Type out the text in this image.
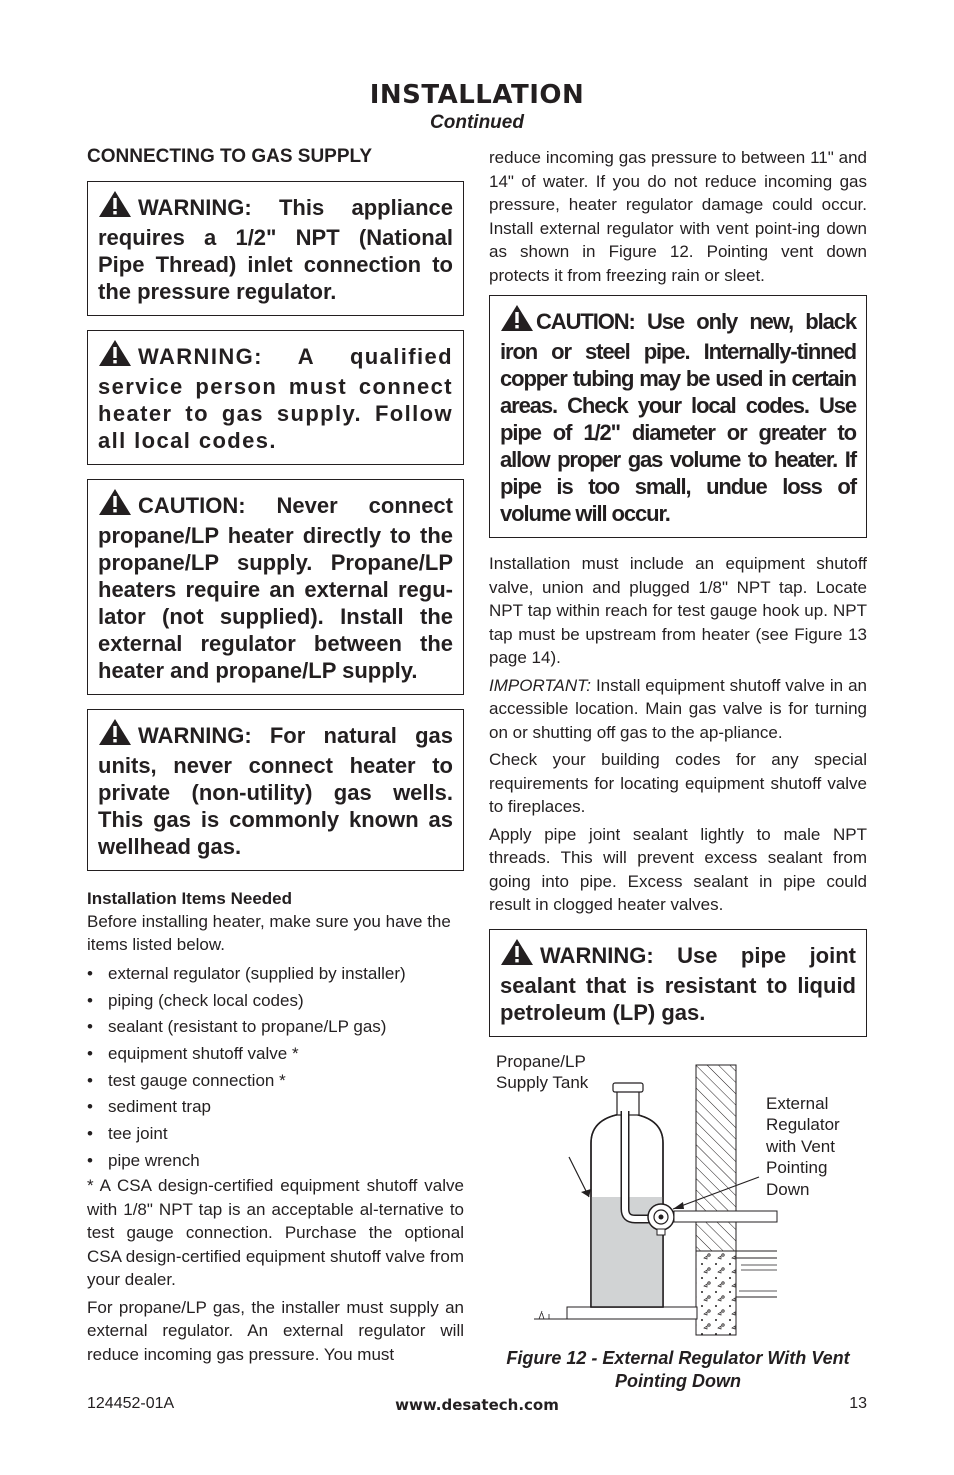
INSTALLATION
Continued
CONNECTING TO GAS SUPPLY
WARNING: This appliance requires a 1/2" NPT (National Pipe Thread) inlet connection to the pressure regulator.
WARNING: A qualified service person must connect heater to gas supply. Follow all local codes.
CAUTION: Never connect propane/LP heater directly to the propane/LP supply. Propane/LP heaters require an external regu-lator (not supplied). Install the external regulator between the heater and propane/LP supply.
WARNING: For natural gas units, never connect heater to private (non-utility) gas wells. This gas is commonly known as wellhead gas.
Installation Items Needed
Before installing heater, make sure you have the items listed below.
• external regulator (supplied by installer)
• piping (check local codes)
• sealant (resistant to propane/LP gas)
• equipment shutoff valve *
• test gauge connection *
• sediment trap
• tee joint
• pipe wrench
* A CSA design-certified equipment shutoff valve with 1/8" NPT tap is an acceptable al-ternative to test gauge connection. Purchase the optional CSA design-certified equipment shutoff valve from your dealer.
For propane/LP gas, the installer must supply an external regulator. An external regulator will reduce incoming gas pressure. You must
reduce incoming gas pressure to between 11" and 14" of water. If you do not reduce incoming gas pressure, heater regulator damage could occur. Install external regulator with vent point-ing down as shown in Figure 12. Pointing vent down protects it from freezing rain or sleet.
CAUTION: Use only new, black iron or steel pipe. Internally-tinned copper tubing may be used in certain areas. Check your local codes. Use pipe of 1/2" diameter or greater to allow proper gas volume to heater. If pipe is too small, undue loss of volume will occur.
Installation must include an equipment shutoff valve, union and plugged 1/8" NPT tap. Locate NPT tap within reach for test gauge hook up. NPT tap must be upstream from heater (see Figure 13 page 14).
IMPORTANT: Install equipment shutoff valve in an accessible location. Main gas valve is for turning on or shutting off gas to the ap-pliance.
Check your building codes for any special requirements for locating equipment shutoff valve to fireplaces.
Apply pipe joint sealant lightly to male NPT threads. This will prevent excess sealant from going into pipe. Excess sealant in pipe could result in clogged heater valves.
WARNING: Use pipe joint sealant that is resistant to liquid petroleum (LP) gas.
Propane/LP
Supply Tank
External
Regulator
with Vent
Pointing
Down
Figure 12 - External Regulator With Vent
Pointing Down
124452-01A	www.desatech.com	13
